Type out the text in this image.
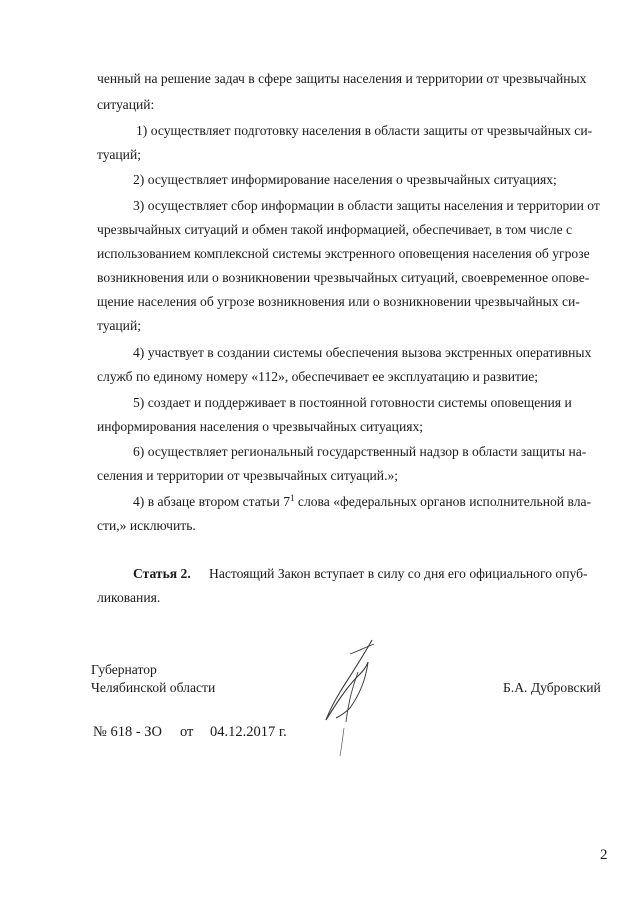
ченный на решение задач в сфере защиты населения и территории от чрезвычайных
ситуаций:
1) осуществляет подготовку населения в области защиты от чрезвычайных си-
туаций;
2) осуществляет информирование населения о чрезвычайных ситуациях;
3) осуществляет сбор информации в области защиты населения и территории от
чрезвычайных ситуаций и обмен такой информацией, обеспечивает, в том числе с
использованием комплексной системы экстренного оповещения населения об угрозе
возникновения или о возникновении чрезвычайных ситуаций, своевременное опове-
щение населения об угрозе возникновения или о возникновении чрезвычайных си-
туаций;
4) участвует в создании системы обеспечения вызова экстренных оперативных
служб по единому номеру «112», обеспечивает ее эксплуатацию и развитие;
5) создает и поддерживает в постоянной готовности системы оповещения и
информирования населения о чрезвычайных ситуациях;
6) осуществляет региональный государственный надзор в области защиты на-
селения и территории от чрезвычайных ситуаций.»;
4) в абзаце втором статьи $7^1$ слова «федеральных органов исполнительной вла-
сти,» исключить.
Статья 2. Настоящий Закон вступает в силу со дня его официального опуб-
ликования.
Губернатор
Челябинской области	Б.А. Дубровский
№ 618 - ЗО от 04.12.2017 г.
2
